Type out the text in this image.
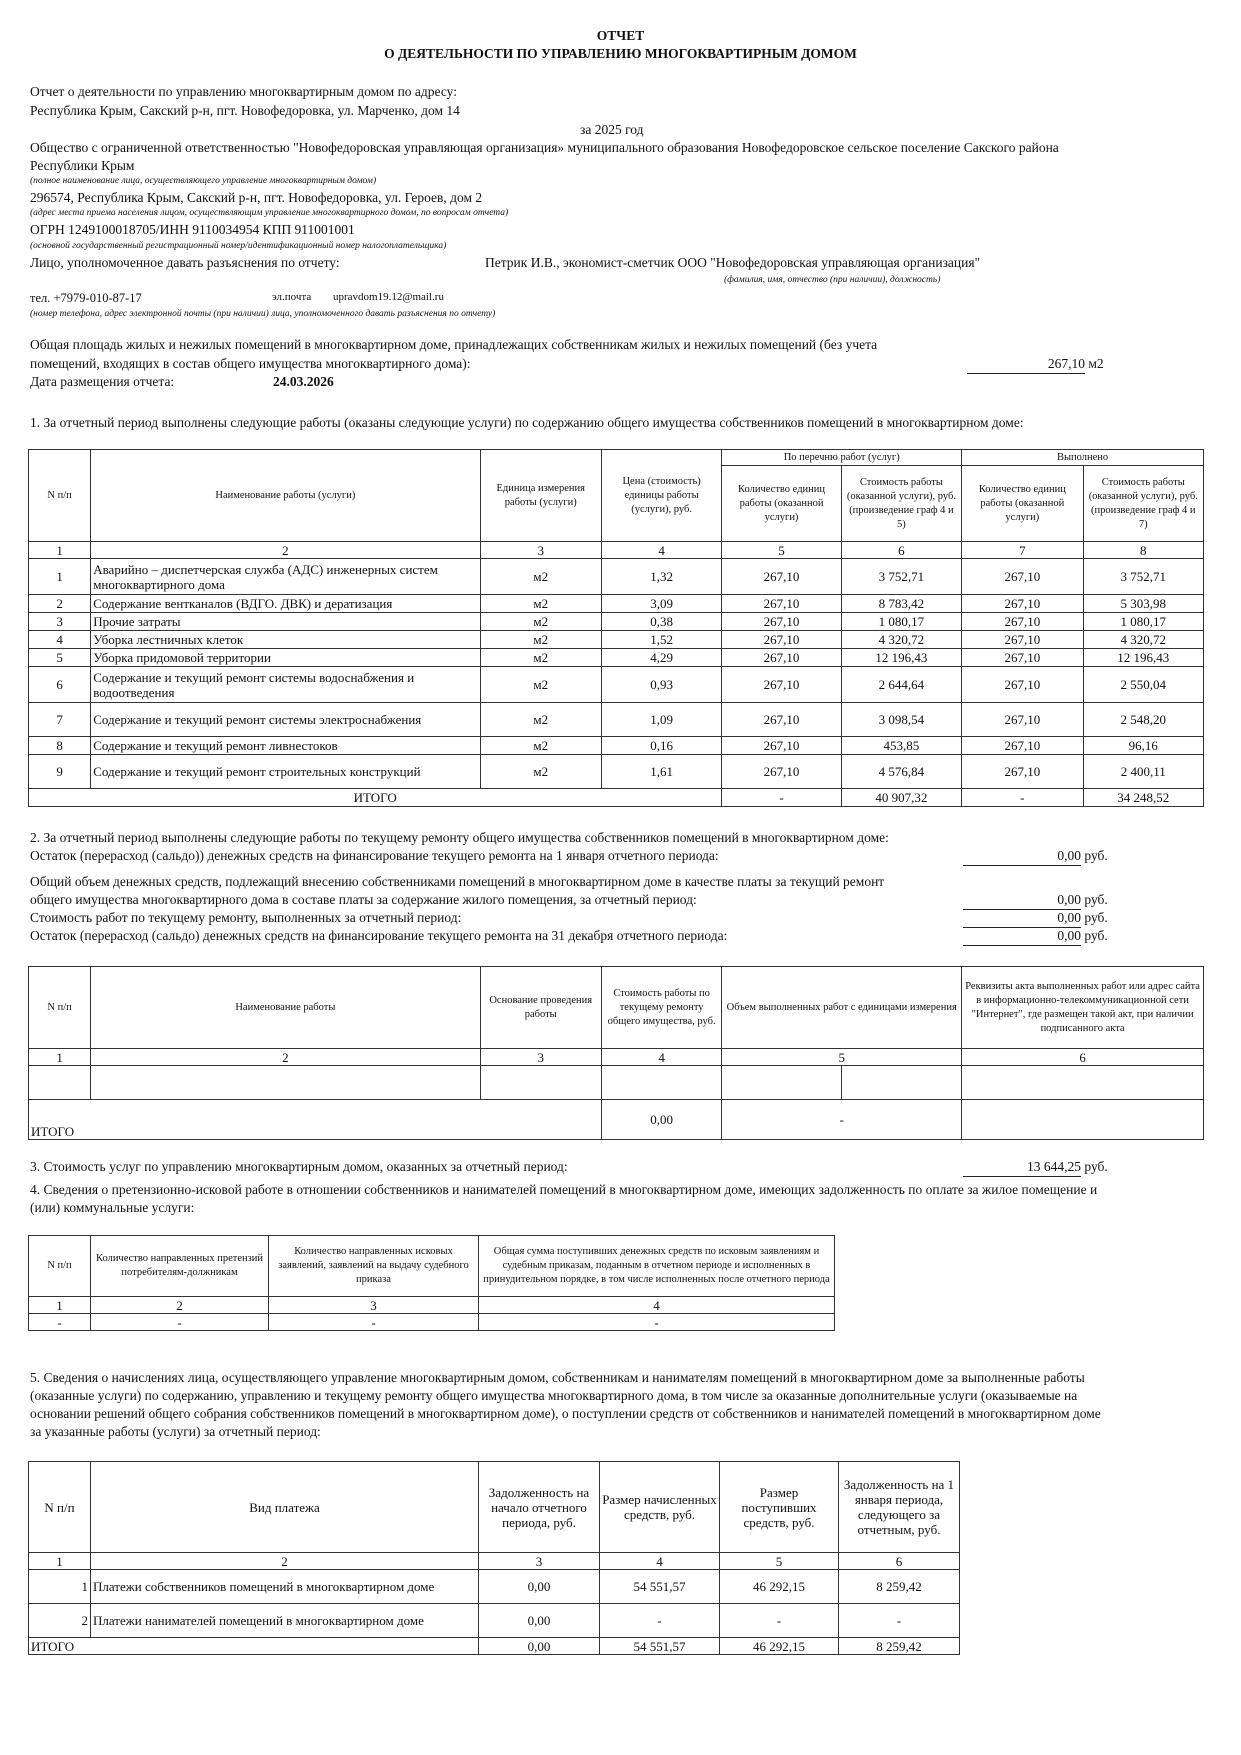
ОТЧЕТ
О ДЕЯТЕЛЬНОСТИ ПО УПРАВЛЕНИЮ МНОГОКВАРТИРНЫМ ДОМОМ
Отчет о деятельности по управлению многоквартирным домом по адресу:
Республика Крым, Сакский р-н, пгт. Новофедоровка, ул. Марченко, дом 14
за 2025 год
Общество с ограниченной ответственностью "Новофедоровская управляющая организация» муниципального образования Новофедоровское сельское поселение Сакского района
Республики Крым
(полное наименование лица, осуществляющего управление многоквартирным домом)
296574, Республика Крым, Сакский р-н, пгт. Новофедоровка, ул. Героев, дом 2
(адрес места приема населения лицом, осуществляющим управление многоквартирного домом, по вопросам отчета)
ОГРН 1249100018705/ИНН 9110034954 КПП 911001001
(основной государственный регистрационный номер/идентификационный номер налогоплательщика)
Лицо, уполномоченное давать разъяснения по отчету:	Петрик И.В., экономист-сметчик ООО "Новофедоровская управляющая организация"
(фамилия, имя, отчество (при наличии), должность)
тел. +7979-010-87-17	эл.почта upravdom19.12@mail.ru
(номер телефона, адрес электронной почты (при наличии) лица, уполномоченного давать разъяснения по отчету)
Общая площадь жилых и нежилых помещений в многоквартирном доме, принадлежащих собственникам жилых и нежилых помещений (без учета
помещений, входящих в состав общего имущества многоквартирного дома):	267,10 м2
Дата размещения отчета:	24.03.2026
1. За отчетный период выполнены следующие работы (оказаны следующие услуги) по содержанию общего имущества собственников помещений в многоквартирном доме:
N п/п	Наименование работы (услуги)	Единица измерения работы (услуги)	Цена (стоимость) единицы работы (услуги), руб.	По перечню работ (услуг)		Выполнено	
				Количество единиц работы (оказанной услуги)	Стоимость работы (оказанной услуги), руб. (произведение граф 4 и 5)	Количество единиц работы (оказанной услуги)	Стоимость работы (оказанной услуги), руб. (произведение граф 4 и 7)
1	2	3	4	5	6	7	8
1	Аварийно – диспетчерская служба (АДС) инженерных систем многоквартирного дома	м2	1,32	267,10	3 752,71	267,10	3 752,71
2	Содержание вентканалов (ВДГО. ДВК) и дератизация	м2	3,09	267,10	8 783,42	267,10	5 303,98
3	Прочие затраты	м2	0,38	267,10	1 080,17	267,10	1 080,17
4	Уборка лестничных клеток	м2	1,52	267,10	4 320,72	267,10	4 320,72
5	Уборка придомовой территории	м2	4,29	267,10	12 196,43	267,10	12 196,43
6	Содержание и текущий ремонт системы водоснабжения и водоотведения	м2	0,93	267,10	2 644,64	267,10	2 550,04
7	Содержание и текущий ремонт системы электроснабжения	м2	1,09	267,10	3 098,54	267,10	2 548,20
8	Содержание и текущий ремонт ливнестоков	м2	0,16	267,10	453,85	267,10	96,16
9	Содержание и текущий ремонт строительных конструкций	м2	1,61	267,10	4 576,84	267,10	2 400,11
ИТОГО				-	40 907,32	-	34 248,52
2. За отчетный период выполнены следующие работы по текущему ремонту общего имущества собственников помещений в многоквартирном доме:
Остаток (перерасход (сальдо)) денежных средств на финансирование текущего ремонта на 1 января отчетного периода:	0,00 руб.
Общий объем денежных средств, подлежащий внесению собственниками помещений в многоквартирном доме в качестве платы за текущий ремонт
общего имущества многоквартирного дома в составе платы за содержание жилого помещения, за отчетный период:	0,00 руб.
Стоимость работ по текущему ремонту, выполненных за отчетный период:	0,00 руб.
Остаток (перерасход (сальдо) денежных средств на финансирование текущего ремонта на 31 декабря отчетного периода:	0,00 руб.
N п/п	Наименование работы	Основание проведения работы	Стоимость работы по текущему ремонту общего имущества, руб.	Объем выполненных работ с единицами измерения		Реквизиты акта выполненных работ или адрес сайта в информационно-телекоммуникационной сети "Интернет", где размещен такой акт, при наличии подписанного акта
1	2	3	4	5		6

ИТОГО			0,00	-		
3. Стоимость услуг по управлению многоквартирным домом, оказанных за отчетный период:	13 644,25 руб.
4. Сведения о претензионно-исковой работе в отношении собственников и нанимателей помещений в многоквартирном доме, имеющих задолженность по оплате за жилое помещение и
(или) коммунальные услуги:
N п/п	Количество направленных претензий потребителям-должникам	Количество направленных исковых заявлений, заявлений на выдачу судебного приказа	Общая сумма поступивших денежных средств по исковым заявлениям и судебным приказам, поданным в отчетном периоде и исполненных в принудительном порядке, в том числе исполненных после отчетного периода
1	2	3	4
-	-	-	-
5. Сведения о начислениях лица, осуществляющего управление многоквартирным домом, собственникам и нанимателям помещений в многоквартирном доме за выполненные работы
(оказанные услуги) по содержанию, управлению и текущему ремонту общего имущества многоквартирного дома, в том числе за оказанные дополнительные услуги (оказываемые на
основании решений общего собрания собственников помещений в многоквартирном доме), о поступлении средств от собственников и нанимателей помещений в многоквартирном доме
за указанные работы (услуги) за отчетный период:
N п/п	Вид платежа	Задолженность на начало отчетного периода, руб.	Размер начисленных средств, руб.	Размер поступивших средств, руб.	Задолженность на 1 января периода, следующего за отчетным, руб.
1	2	3	4	5	6
1	Платежи собственников помещений в многоквартирном доме	0,00	54 551,57	46 292,15	8 259,42
2	Платежи нанимателей помещений в многоквартирном доме	0,00	-	-	-
ИТОГО		0,00	54 551,57	46 292,15	8 259,42
